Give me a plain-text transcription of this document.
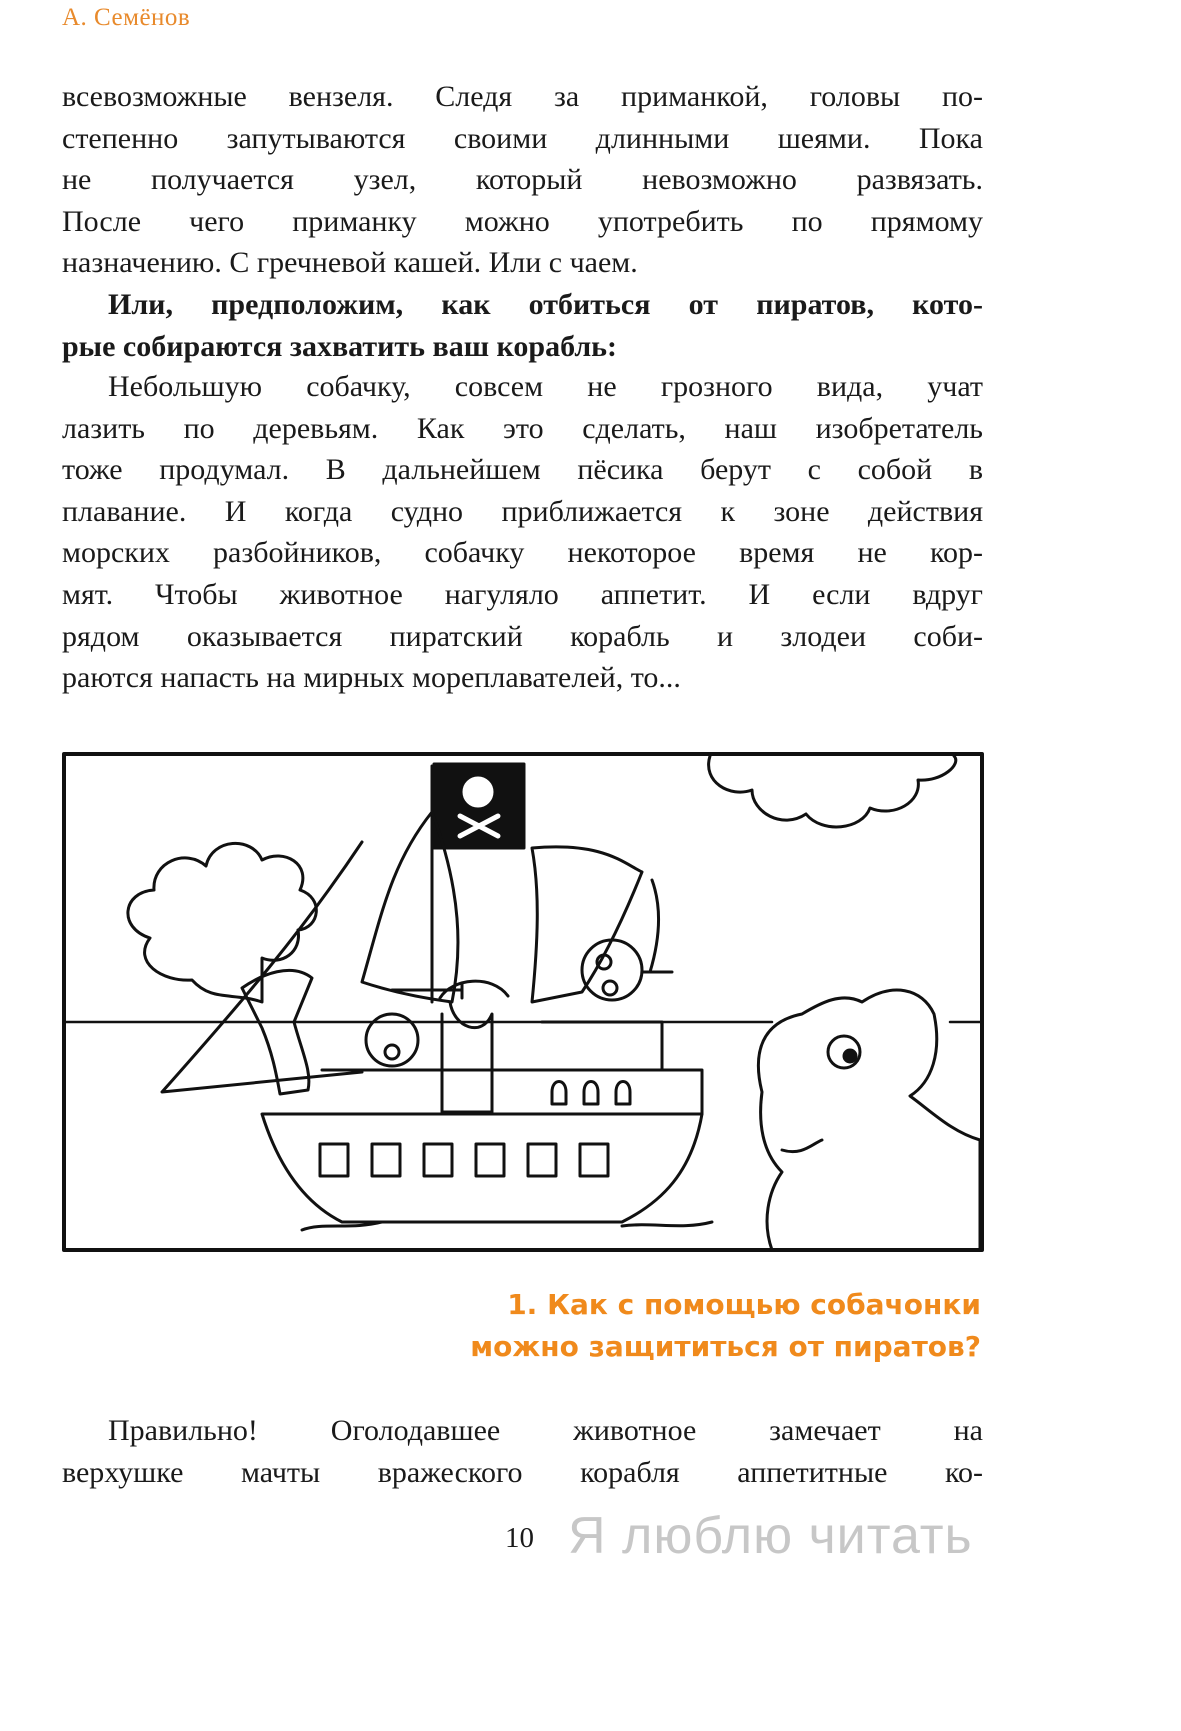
А. Семёнов
всевозможные вензеля. Следя за приманкой, головы по-
степенно запутываются своими длинными шеями. Пока
не получается узел, который невозможно развязать.
После чего приманку можно употребить по прямому
назначению. С гречневой кашей. Или с чаем.
Или, предположим, как отбиться от пиратов, кото-
рые собираются захватить ваш корабль:
Небольшую собачку, совсем не грозного вида, учат
лазить по деревьям. Как это сделать, наш изобретатель
тоже продумал. В дальнейшем пёсика берут с собой в
плавание. И когда судно приближается к зоне действия
морских разбойников, собачку некоторое время не кор-
мят. Чтобы животное нагуляло аппетит. И если вдруг
рядом оказывается пиратский корабль и злодеи соби-
раются напасть на мирных мореплавателей, то...
1. Как с помощью собачонки
можно защититься от пиратов?
Правильно! Оголодавшее животное замечает на
верхушке мачты вражеского корабля аппетитные ко-
10 Я люблю читать
